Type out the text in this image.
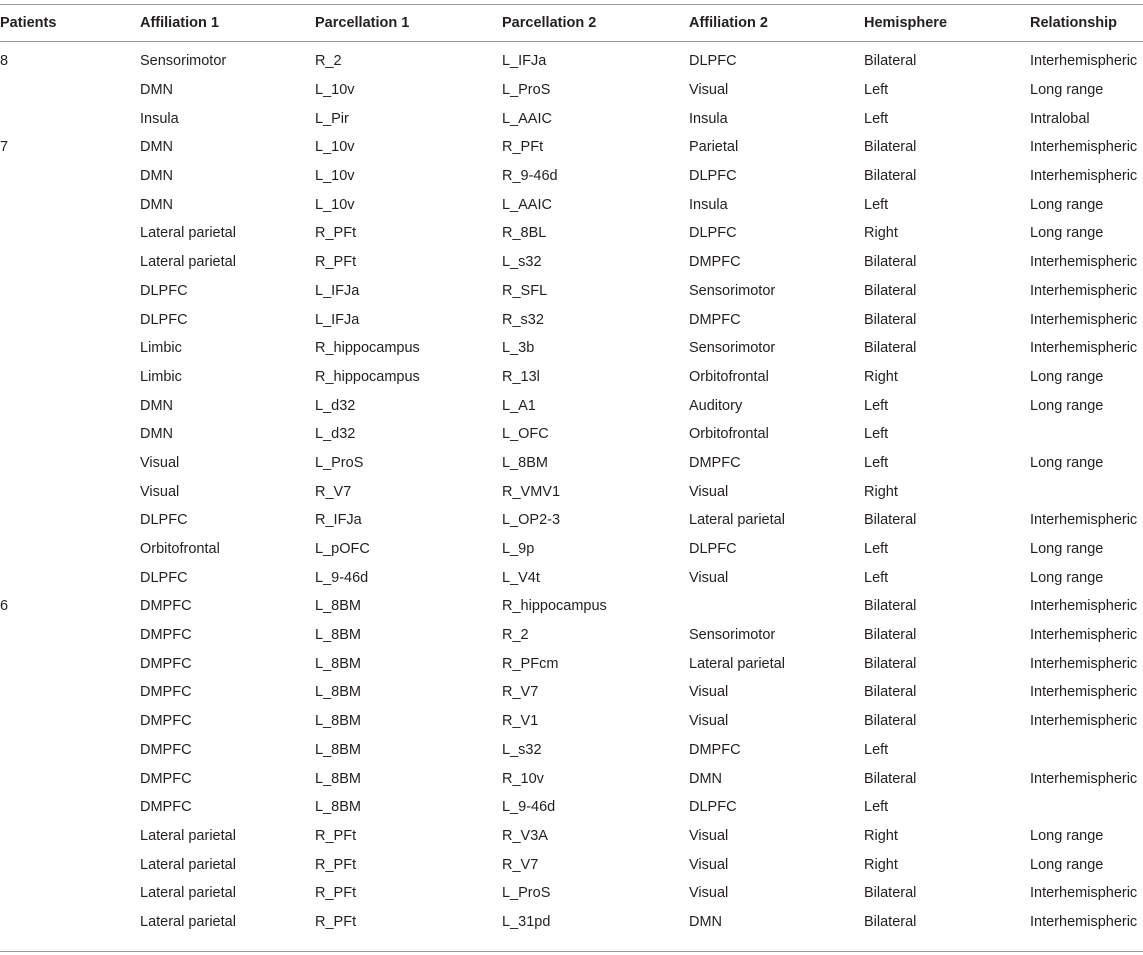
Patients	Affiliation 1	Parcellation 1	Parcellation 2	Affiliation 2	Hemisphere	Relationship
8	Sensorimotor	R_2	L_IFJa	DLPFC	Bilateral	Interhemispheric
	DMN	L_10v	L_ProS	Visual	Left	Long range
	Insula	L_Pir	L_AAIC	Insula	Left	Intralobal
7	DMN	L_10v	R_PFt	Parietal	Bilateral	Interhemispheric
	DMN	L_10v	R_9-46d	DLPFC	Bilateral	Interhemispheric
	DMN	L_10v	L_AAIC	Insula	Left	Long range
	Lateral parietal	R_PFt	R_8BL	DLPFC	Right	Long range
	Lateral parietal	R_PFt	L_s32	DMPFC	Bilateral	Interhemispheric
	DLPFC	L_IFJa	R_SFL	Sensorimotor	Bilateral	Interhemispheric
	DLPFC	L_IFJa	R_s32	DMPFC	Bilateral	Interhemispheric
	Limbic	R_hippocampus	L_3b	Sensorimotor	Bilateral	Interhemispheric
	Limbic	R_hippocampus	R_13l	Orbitofrontal	Right	Long range
	DMN	L_d32	L_A1	Auditory	Left	Long range
	DMN	L_d32	L_OFC	Orbitofrontal	Left	
	Visual	L_ProS	L_8BM	DMPFC	Left	Long range
	Visual	R_V7	R_VMV1	Visual	Right	
	DLPFC	R_IFJa	L_OP2-3	Lateral parietal	Bilateral	Interhemispheric
	Orbitofrontal	L_pOFC	L_9p	DLPFC	Left	Long range
	DLPFC	L_9-46d	L_V4t	Visual	Left	Long range
6	DMPFC	L_8BM	R_hippocampus		Bilateral	Interhemispheric
	DMPFC	L_8BM	R_2	Sensorimotor	Bilateral	Interhemispheric
	DMPFC	L_8BM	R_PFcm	Lateral parietal	Bilateral	Interhemispheric
	DMPFC	L_8BM	R_V7	Visual	Bilateral	Interhemispheric
	DMPFC	L_8BM	R_V1	Visual	Bilateral	Interhemispheric
	DMPFC	L_8BM	L_s32	DMPFC	Left	
	DMPFC	L_8BM	R_10v	DMN	Bilateral	Interhemispheric
	DMPFC	L_8BM	L_9-46d	DLPFC	Left	
	Lateral parietal	R_PFt	R_V3A	Visual	Right	Long range
	Lateral parietal	R_PFt	R_V7	Visual	Right	Long range
	Lateral parietal	R_PFt	L_ProS	Visual	Bilateral	Interhemispheric
	Lateral parietal	R_PFt	L_31pd	DMN	Bilateral	Interhemispheric
